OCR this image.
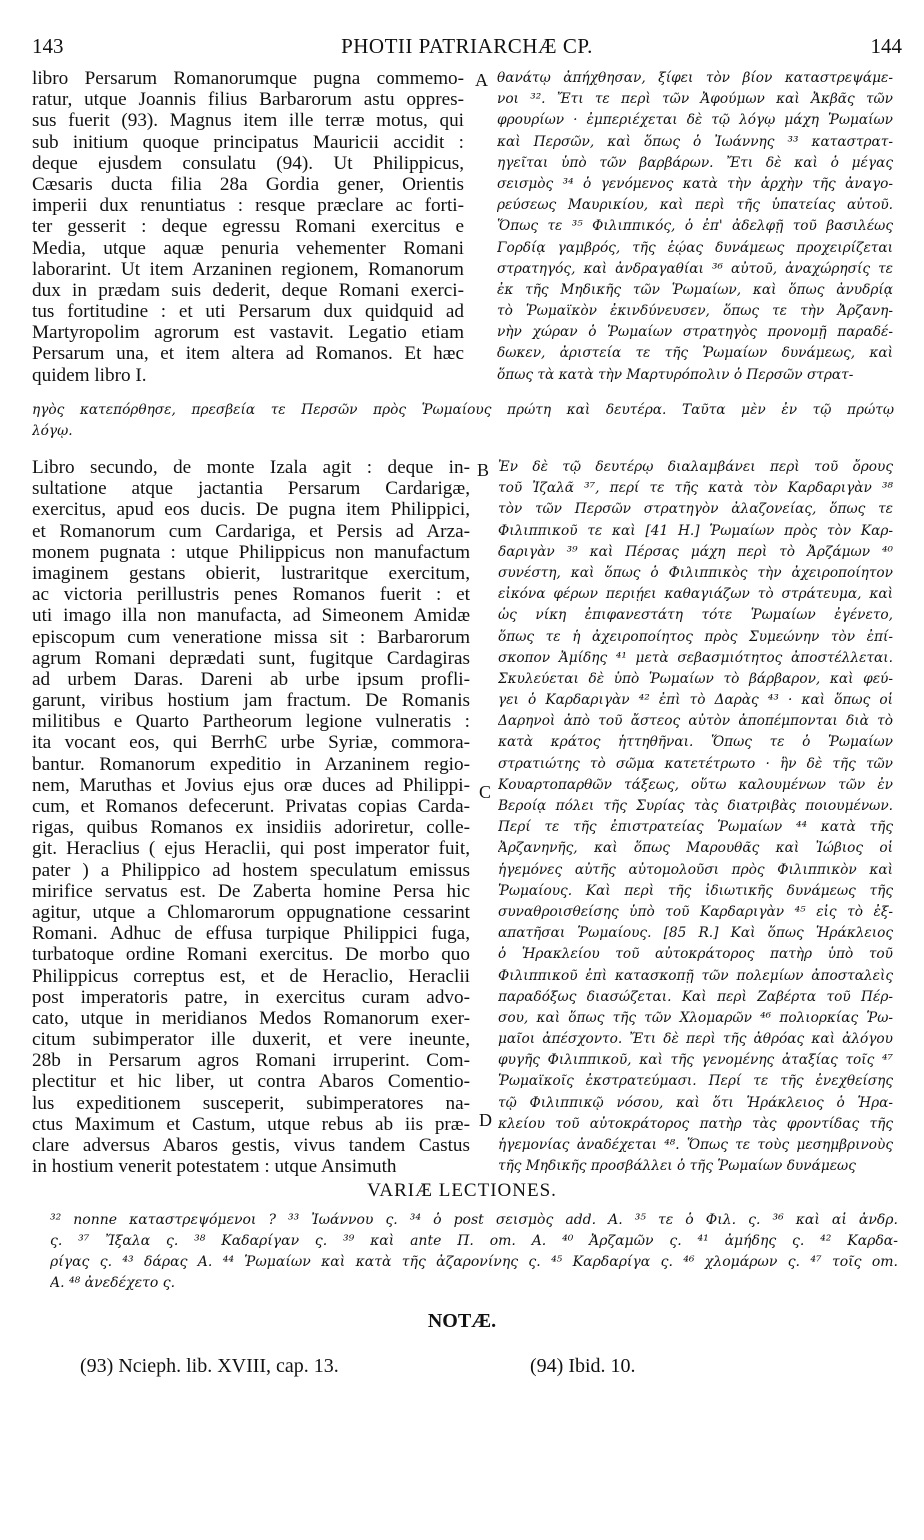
143	PHOTII PATRIARCHÆ CP.	144
libro Persarum Romanorumque pugna commemo-
ratur, utque Joannis filius Barbarorum astu oppres-
sus fuerit (93). Magnus item ille terræ motus, qui
sub initium quoque principatus Mauricii accidit :
deque ejusdem consulatu (94). Ut Philippicus,
Cæsaris ducta filia 28a Gordia gener, Orientis
imperii dux renuntiatus : resque præclare ac forti-
ter gesserit : deque egressu Romani exercitus e
Media, utque aquæ penuria vehementer Romani
laborarint. Ut item Arzaninen regionem, Romanorum
dux in prædam suis dederit, deque Romani exerci-
tus fortitudine : et uti Persarum dux quidquid ad
Martyropolim agrorum est vastavit. Legatio etiam
Persarum una, et item altera ad Romanos. Et hæc
quidem libro I.
θανάτῳ ἀπήχθησαν, ξίφει τὸν βίον καταστρεψάμε-
νοι ³². Ἔτι τε περὶ τῶν Ἀφούμων καὶ Ἀκβᾶς τῶν
φρουρίων · ἐμπεριέχεται δὲ τῷ λόγῳ μάχη Ῥωμαίων
καὶ Περσῶν, καὶ ὅπως ὁ Ἰωάννης ³³ καταστρατ-
ηγεῖται ὑπὸ τῶν βαρβάρων. Ἔτι δὲ καὶ ὁ μέγας
σεισμὸς ³⁴ ὁ γενόμενος κατὰ τὴν ἀρχὴν τῆς ἀναγο-
ρεύσεως Μαυρικίου, καὶ περὶ τῆς ὑπατείας αὐτοῦ.
Ὅπως τε ³⁵ Φιλιππικός, ὁ ἐπ' ἀδελφῇ τοῦ βασιλέως
Γορδίᾳ γαμβρός, τῆς ἑῴας δυνάμεως προχειρίζεται
στρατηγός, καὶ ἀνδραγαθίαι ³⁶ αὐτοῦ, ἀναχώρησίς τε
ἐκ τῆς Μηδικῆς τῶν Ῥωμαίων, καὶ ὅπως ἀνυδρίᾳ
τὸ Ῥωμαϊκὸν ἐκινδύνευσεν, ὅπως τε τὴν Ἀρζανη-
νὴν χώραν ὁ Ῥωμαίων στρατηγὸς προνομῇ παραδέ-
δωκεν, ἀριστεία τε τῆς Ῥωμαίων δυνάμεως, καὶ
ὅπως τὰ κατὰ τὴν Μαρτυρόπολιν ὁ Περσῶν στρατ-
A
ηγὸς κατεπόρθησε, πρεσβεία τε Περσῶν πρὸς Ῥωμαίους πρώτη καὶ δευτέρα. Ταῦτα μὲν ἐν τῷ πρώτῳ
λόγῳ.
Libro secundo, de monte Izala agit : deque in-
sultatione atque jactantia Persarum Cardarigæ,
exercitus, apud eos ducis. De pugna item Philippici,
et Romanorum cum Cardariga, et Persis ad Arza-
monem pugnata : utque Philippicus non manufactum
imaginem gestans obierit, lustraritque exercitum,
ac victoria perillustris penes Romanos fuerit : et
uti imago illa non manufacta, ad Simeonem Amidæ
episcopum cum veneratione missa sit : Barbarorum
agrum Romani deprædati sunt, fugitque Cardagiras
ad urbem Daras. Dareni ab urbe ipsum profli-
garunt, viribus hostium jam fractum. De Romanis
militibus e Quarto Partheorum legione vulneratis :
ita vocant eos, qui BerrhϾ urbe Syriæ, commora-
bantur. Romanorum expeditio in Arzaninem regio-
nem, Maruthas et Jovius ejus oræ duces ad Philippi-
cum, et Romanos defecerunt. Privatas copias Carda-
rigas, quibus Romanos ex insidiis adoriretur, colle-
git. Heraclius ( ejus Heraclii, qui post imperator fuit,
pater ) a Philippico ad hostem speculatum emissus
mirifice servatus est. De Zaberta homine Persa hic
agitur, utque a Chlomarorum oppugnatione cessarint
Romani. Adhuc de effusa turpique Philippici fuga,
turbatoque ordine Romani exercitus. De morbo quo
Philippicus correptus est, et de Heraclio, Heraclii
post imperatoris patre, in exercitus curam advo-
cato, utque in meridianos Medos Romanorum exer-
citum subimperator ille duxerit, et vere ineunte,
28b in Persarum agros Romani irruperint. Com-
plectitur et hic liber, ut contra Abaros Comentio-
lus expeditionem susceperit, subimperatores na-
ctus Maximum et Castum, utque rebus ab iis præ-
clare adversus Abaros gestis, vivus tandem Castus
in hostium venerit potestatem : utque Ansimuth
Ἐν δὲ τῷ δευτέρῳ διαλαμβάνει περὶ τοῦ ὄρους
τοῦ Ἰζαλᾶ ³⁷, περί τε τῆς κατὰ τὸν Καρδαριγὰν ³⁸
τὸν τῶν Περσῶν στρατηγὸν ἀλαζονείας, ὅπως τε
Φιλιππικοῦ τε καὶ [41 H.] Ῥωμαίων πρὸς τὸν Καρ-
δαριγὰν ³⁹ καὶ Πέρσας μάχη περὶ τὸ Ἀρζάμων ⁴⁰
συνέστη, καὶ ὅπως ὁ Φιλιππικὸς τὴν ἀχειροποίητον
εἰκόνα φέρων περιῄει καθαγιάζων τὸ στράτευμα, καὶ
ὡς νίκη ἐπιφανεστάτη τότε Ῥωμαίων ἐγένετο,
ὅπως τε ἡ ἀχειροποίητος πρὸς Συμεώνην τὸν ἐπί-
σκοπον Ἀμίδης ⁴¹ μετὰ σεβασμιότητος ἀποστέλλεται.
Σκυλεύεται δὲ ὑπὸ Ῥωμαίων τὸ βάρβαρον, καὶ φεύ-
γει ὁ Καρδαριγὰν ⁴² ἐπὶ τὸ Δαρὰς ⁴³ · καὶ ὅπως οἱ
Δαρηνοὶ ἀπὸ τοῦ ἄστεος αὐτὸν ἀποπέμπονται διὰ τὸ
κατὰ κράτος ἡττηθῆναι. Ὅπως τε ὁ Ῥωμαίων
στρατιώτης τὸ σῶμα κατετέτρωτο · ἣν δὲ τῆς τῶν
Κουαρτοπαρθῶν τάξεως, οὕτω καλουμένων τῶν ἐν
Βεροίᾳ πόλει τῆς Συρίας τὰς διατριβὰς ποιουμένων.
Περί τε τῆς ἐπιστρατείας Ῥωμαίων ⁴⁴ κατὰ τῆς
Ἀρζανηνῆς, καὶ ὅπως Μαρουθᾶς καὶ Ἰώβιος οἱ
ἡγεμόνες αὐτῆς αὐτομολοῦσι πρὸς Φιλιππικὸν καὶ
Ῥωμαίους. Καὶ περὶ τῆς ἰδιωτικῆς δυνάμεως τῆς
συναθροισθείσης ὑπὸ τοῦ Καρδαριγὰν ⁴⁵ εἰς τὸ ἐξ-
απατῆσαι Ῥωμαίους. [85 R.] Καὶ ὅπως Ἡράκλειος
ὁ Ἡρακλείου τοῦ αὐτοκράτορος πατὴρ ὑπὸ τοῦ
Φιλιππικοῦ ἐπὶ κατασκοπῇ τῶν πολεμίων ἀποσταλεὶς
παραδόξως διασώζεται. Καὶ περὶ Ζαβέρτα τοῦ Πέρ-
σου, καὶ ὅπως τῆς τῶν Χλομαρῶν ⁴⁶ πολιορκίας Ῥω-
μαῖοι ἀπέσχοντο. Ἔτι δὲ περὶ τῆς ἀθρόας καὶ ἀλόγου
φυγῆς Φιλιππικοῦ, καὶ τῆς γενομένης ἀταξίας τοῖς ⁴⁷
Ῥωμαϊκοῖς ἐκστρατεύμασι. Περί τε τῆς ἐνεχθείσης
τῷ Φιλιππικῷ νόσου, καὶ ὅτι Ἡράκλειος ὁ Ἡρα-
κλείου τοῦ αὐτοκράτορος πατὴρ τὰς φροντίδας τῆς
ἡγεμονίας ἀναδέχεται ⁴⁸. Ὅπως τε τοὺς μεσημβρινοὺς
τῆς Μηδικῆς προσβάλλει ὁ τῆς Ῥωμαίων δυνάμεως
B
C
D
VARIÆ LECTIONES.
³² nonne καταστρεψόμενοι ? ³³ Ἰωάννου ς. ³⁴ ὁ post σεισμὸς add. A. ³⁵ τε ὁ Φιλ. ς. ³⁶ καὶ αἱ ἀνδρ.
ς. ³⁷ Ἴξαλα ς. ³⁸ Καδαρίγαν ς. ³⁹ καὶ ante Π. om. A. ⁴⁰ Ἀρζαμῶν ς. ⁴¹ ἀμήδης ς. ⁴² Καρδα-
ρίγας ς. ⁴³ δάρας A. ⁴⁴ Ῥωμαίων καὶ κατὰ τῆς ἀζαρονίνης ς. ⁴⁵ Καρδαρίγα ς. ⁴⁶ χλομάρων ς. ⁴⁷ τοῖς om.
A. ⁴⁸ ἀνεδέχετο ς.
NOTÆ.
(93) Nciеph. lib. XVIII, cap. 13.	(94) Ibid. 10.
